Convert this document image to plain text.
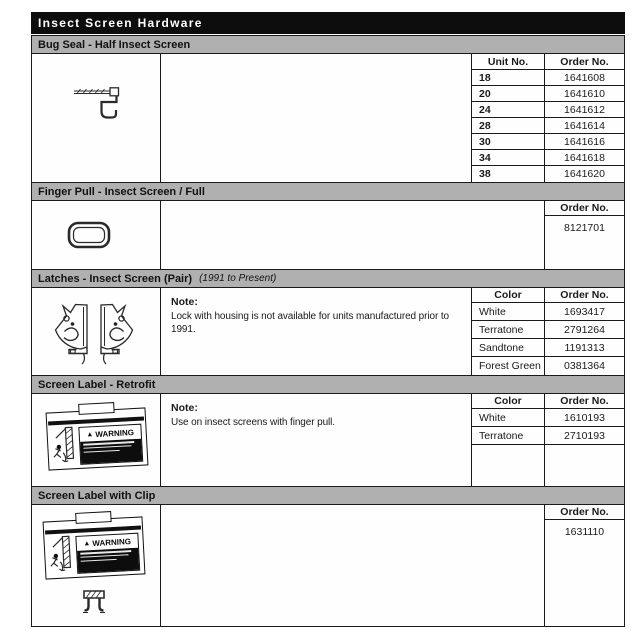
Insect Screen Hardware
Bug Seal - Half Insect Screen
Unit No.	Order No.
18	1641608
20	1641610
24	1641612
28	1641614
30	1641616
34	1641618
38	1641620
Finger Pull - Insect Screen / Full
Order No.
8121701
Latches - Insect Screen (Pair) (1991 to Present)
Note:
Lock with housing is not available for units manufactured prior to 1991.
Color	Order No.
White	1693417
Terratone	2791264
Sandtone	1191313
Forest Green	0381364
Screen Label - Retrofit
▲ WARNING
Note:
Use on insect screens with finger pull.
Color	Order No.
White	1610193
Terratone	2710193
Screen Label with Clip
▲ WARNING
Order No.
1631110
